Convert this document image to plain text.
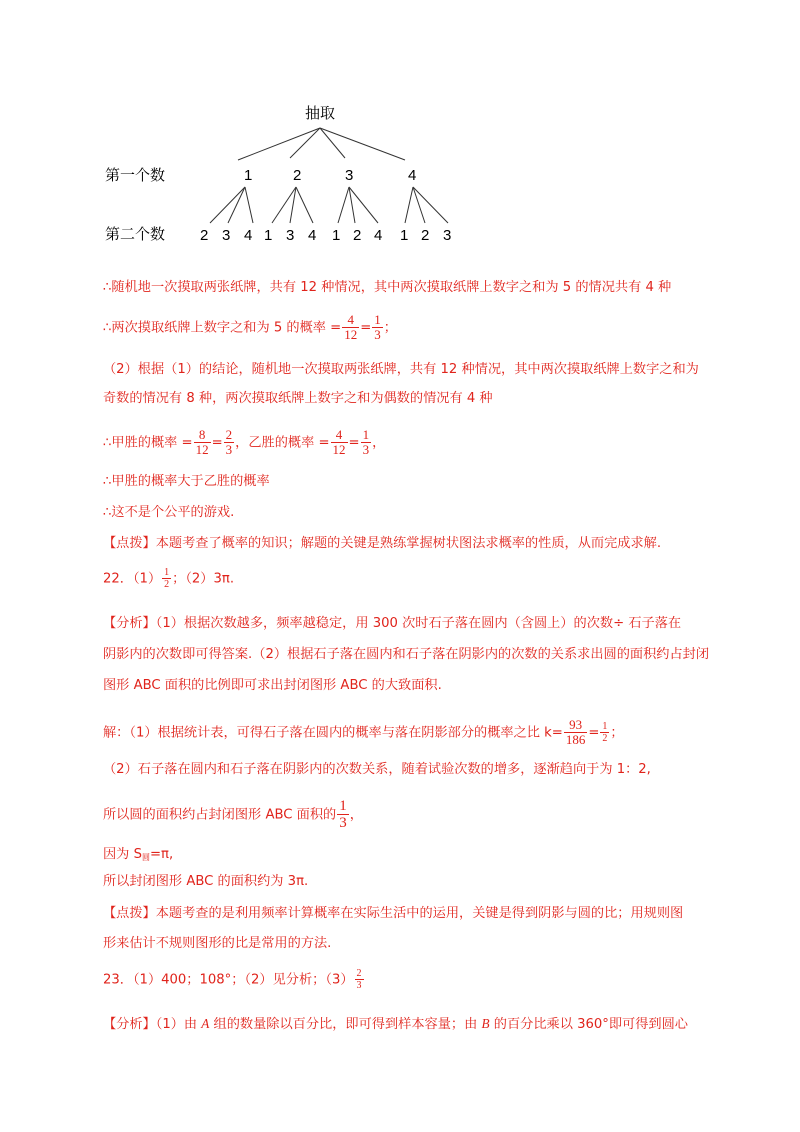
抽取
第一个数	1	2	3	4
第二个数 2 3 4 1 3 4 1 2 4 1 2 3
∴随机地一次摸取两张纸牌，共有 12 种情况，其中两次摸取纸牌上数字之和为 5 的情况共有 4 种
∴两次摸取纸牌上数字之和为 5 的概率 = $\frac{4}{12} = \frac{1}{3}$ ；
（2）根据（1）的结论，随机地一次摸取两张纸牌，共有 12 种情况，其中两次摸取纸牌上数字之和为
奇数的情况有 8 种，两次摸取纸牌上数字之和为偶数的情况有 4 种
∴甲胜的概率 = $\frac{8}{12} = \frac{2}{3}$ ，乙胜的概率 = $\frac{4}{12} = \frac{1}{3}$ ，
∴甲胜的概率大于乙胜的概率
∴这不是个公平的游戏.
【点拨】本题考查了概率的知识；解题的关键是熟练掌握树状图法求概率的性质，从而完成求解.
22．$(1) \frac{1}{2}$ ；（2）3π.
【分析】（1）根据次数越多，频率越稳定，用 300 次时石子落在圆内（含圆上）的次数÷ 石子落在
阴影内的次数即可得答案.（2）根据石子落在圆内和石子落在阴影内的次数的关系求出圆的面积约占封闭
图形 ABC 面积的比例即可求出封闭图形 ABC 的大致面积.
解：（1）根据统计表，可得石子落在圆内的概率与落在阴影部分的概率之比 $k= \frac{93}{186} = \frac{1}{2}$ ；
（2）石子落在圆内和石子落在阴影内的次数关系，随着试验次数的增多，逐渐趋向于为 1：2,
所以圆的面积约占封闭图形 ABC 面积的 $\frac{1}{3}$ ，
因为 $S_圆=\pi$,
所以封闭图形 ABC 的面积约为 3π.
【点拨】本题考查的是利用频率计算概率在实际生活中的运用，关键是得到阴影与圆的比；用规则图
形来估计不规则图形的比是常用的方法.
23．（1）400；108°；（2）见分析；$(3) \frac{2}{3}$
【分析】（1）由 A 组的数量除以百分比，即可得到样本容量；由 B 的百分比乘以 360°即可得到圆心
